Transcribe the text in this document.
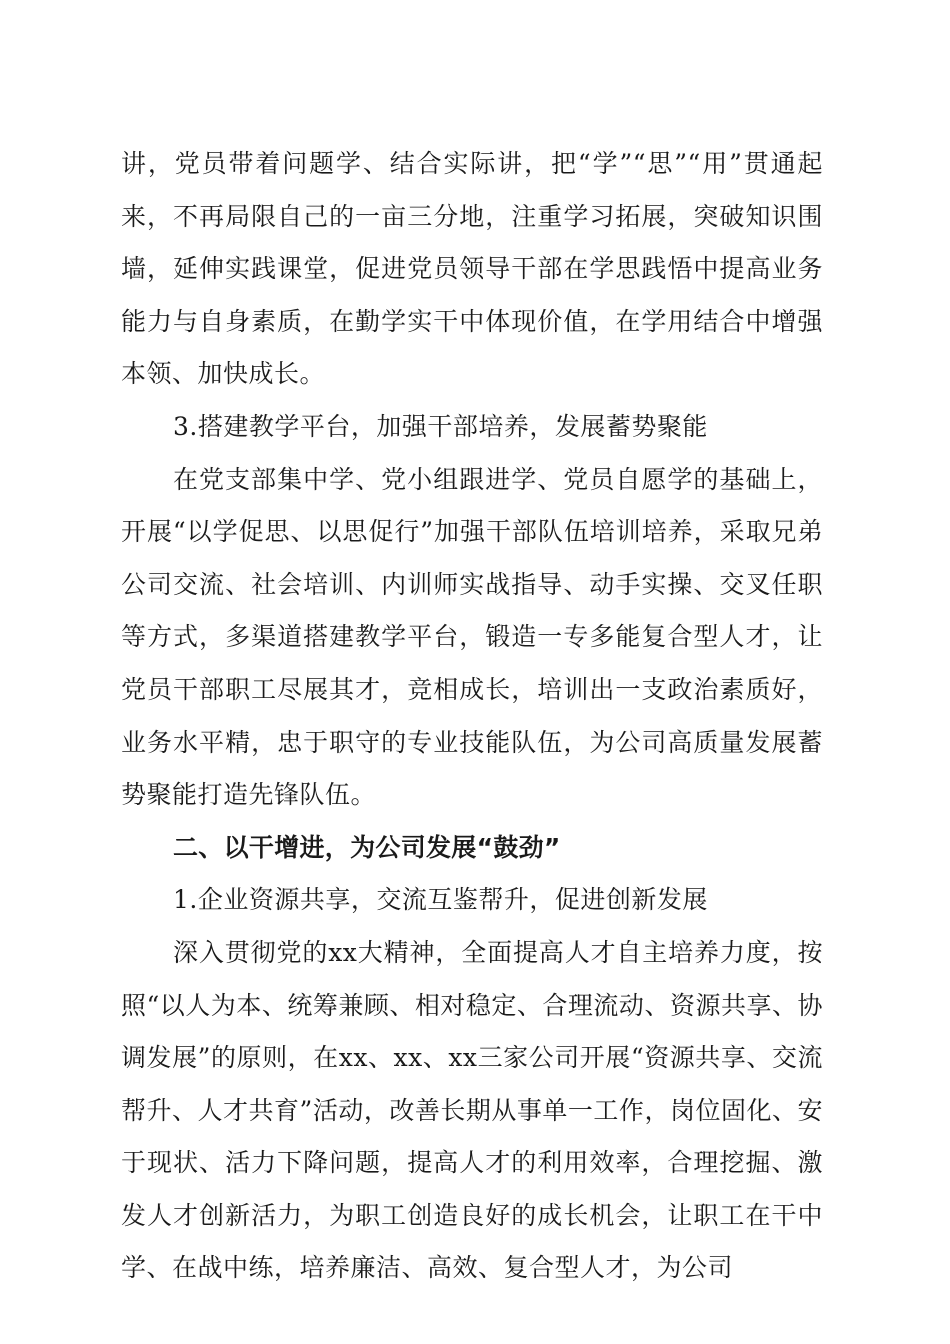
讲，党员带着问题学、结合实际讲，把“学”“思”“用”贯通起来，不再局限自己的一亩三分地，注重学习拓展，突破知识围墙，延伸实践课堂，促进党员领导干部在学思践悟中提高业务能力与自身素质，在勤学实干中体现价值，在学用结合中增强本领、加快成长。

3.搭建教学平台，加强干部培养，发展蓄势聚能

在党支部集中学、党小组跟进学、党员自愿学的基础上，开展“以学促思、以思促行”加强干部队伍培训培养，采取兄弟公司交流、社会培训、内训师实战指导、动手实操、交叉任职等方式，多渠道搭建教学平台，锻造一专多能复合型人才，让党员干部职工尽展其才，竞相成长，培训出一支政治素质好，业务水平精，忠于职守的专业技能队伍，为公司高质量发展蓄势聚能打造先锋队伍。

二、以干增进，为公司发展“鼓劲”

1.企业资源共享，交流互鉴帮升，促进创新发展

深入贯彻党的xx大精神，全面提高人才自主培养力度，按照“以人为本、统筹兼顾、相对稳定、合理流动、资源共享、协调发展”的原则，在xx、xx、xx三家公司开展“资源共享、交流帮升、人才共育”活动，改善长期从事单一工作，岗位固化、安于现状、活力下降问题，提高人才的利用效率，合理挖掘、激发人才创新活力，为职工创造良好的成长机会，让职工在干中学、在战中练，培养廉洁、高效、复合型人才，为公司
